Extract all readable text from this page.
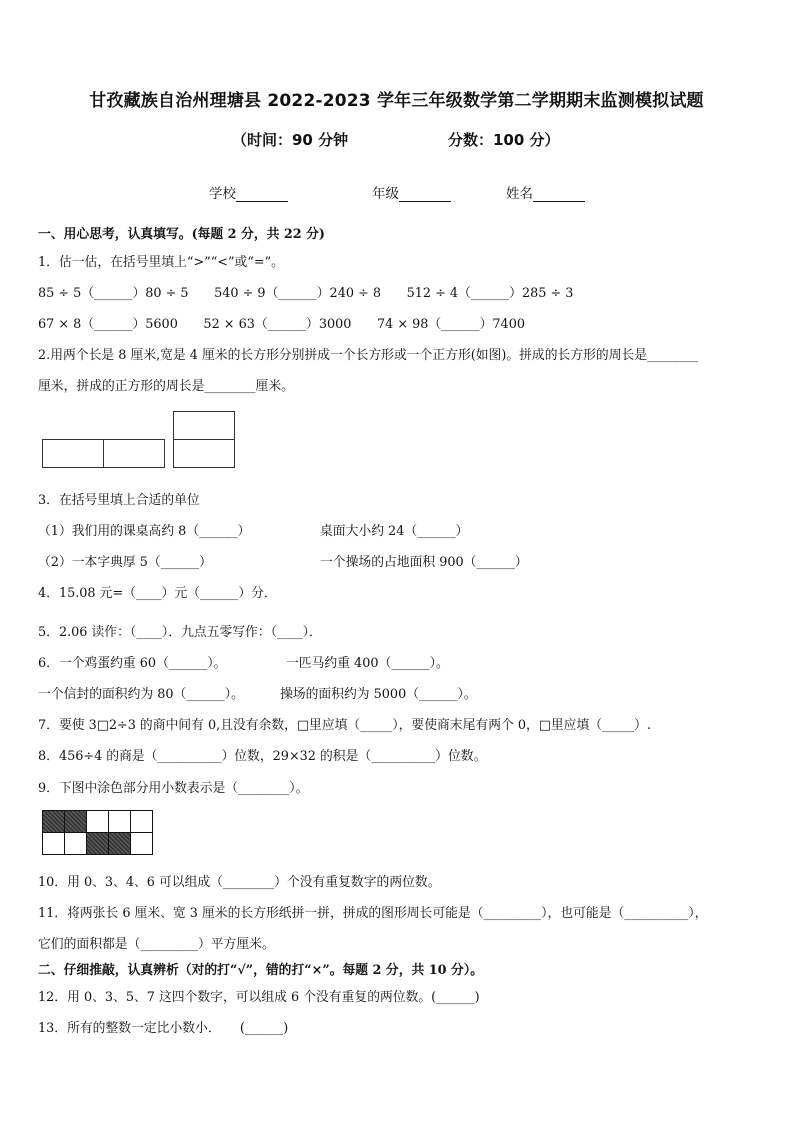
甘孜藏族自治州理塘县 2022-2023 学年三年级数学第二学期期末监测模拟试题
（时间：90 分钟	分数：100 分）
学校	年级	姓名
一、用心思考，认真填写。(每题 2 分，共 22 分)
1．估一估，在括号里填上“>”“<”或“=”。
85 ÷ 5（______）80 ÷ 5　　540 ÷ 9（______）240 ÷ 8　　512 ÷ 4（______）285 ÷ 3
67 × 8（______）5600　　52 × 63（______）3000　　74 × 98（______）7400
2.用两个长是 8 厘米,宽是 4 厘米的长方形分别拼成一个长方形或一个正方形(如图)。拼成的长方形的周长是________
厘米，拼成的正方形的周长是________厘米。
3．在括号里填上合适的单位
（1）我们用的课桌高约 8（______）	桌面大小约 24（______）
（2）一本字典厚 5（______）	一个操场的占地面积 900（______）
4．15.08 元=（____）元（______）分．
5．2.06 读作：（____）．九点五零写作：（____）．
6．一个鸡蛋约重 60（______）。	一匹马约重 400（______）。
一个信封的面积约为 80（______）。	操场的面积约为 5000（______）。
7．要使 3□2÷3 的商中间有 0,且没有余数，□里应填（_____），要使商末尾有两个 0，□里应填（_____）.
8．456÷4 的商是（__________）位数，29×32 的积是（__________）位数。
9．下图中涂色部分用小数表示是（________）。
10．用 0、3、4、6 可以组成（________）个没有重复数字的两位数。
11．将两张长 6 厘米、宽 3 厘米的长方形纸拼一拼，拼成的图形周长可能是（_________），也可能是（__________），
它们的面积都是（_________）平方厘米。
二、仔细推敲，认真辨析（对的打“√”，错的打“×”。每题 2 分，共 10 分）。
12．用 0、3、5、7 这四个数字，可以组成 6 个没有重复的两位数。(______)
13．所有的整数一定比小数小．　　(______)
